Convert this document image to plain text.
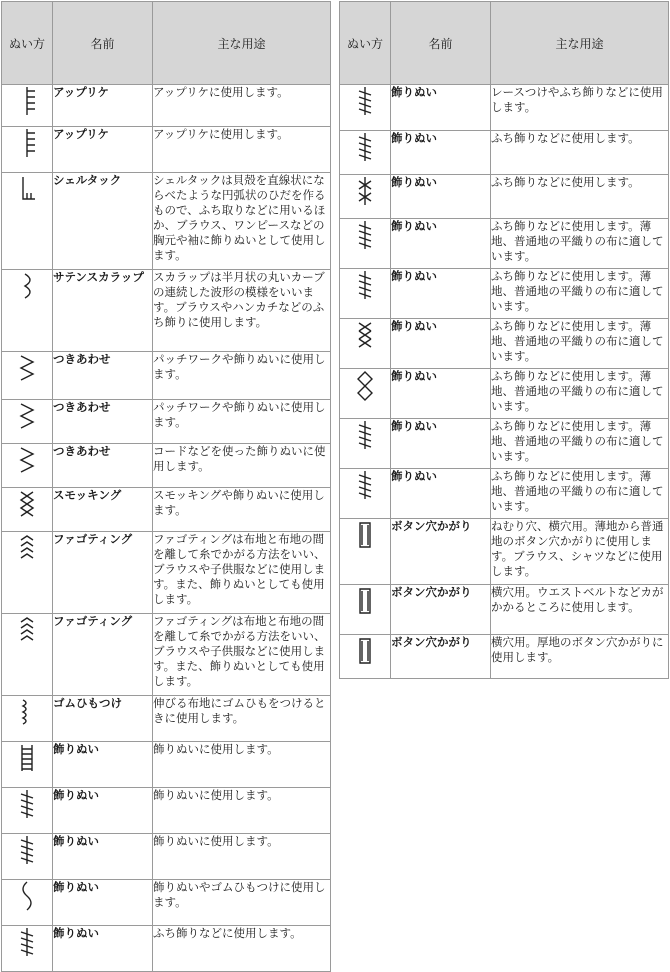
ぬい方	名前	主な用途

	アップリケ	アップリケに使用します。

	アップリケ	アップリケに使用します。

	シェルタック	シェルタックは貝殻を直線状にならべたような円弧状のひだを作るもので、ふち取りなどに用いるほか、ブラウス、ワンピースなどの胸元や袖に飾りぬいとして使用します。

	サテンスカラップ	スカラップは半月状の丸いカーブの連続した波形の模様をいいます。ブラウスやハンカチなどのふち飾りに使用します。

	つきあわせ	パッチワークや飾りぬいに使用します。

	つきあわせ	パッチワークや飾りぬいに使用します。

	つきあわせ	コードなどを使った飾りぬいに使用します。

	スモッキング	スモッキングや飾りぬいに使用します。

	ファゴティング	ファゴティングは布地と布地の間を離して糸でかがる方法をいい、ブラウスや子供服などに使用します。また、飾りぬいとしても使用します。

	ファゴティング	ファゴティングは布地と布地の間を離して糸でかがる方法をいい、ブラウスや子供服などに使用します。また、飾りぬいとしても使用します。

	ゴムひもつけ	伸びる布地にゴムひもをつけるときに使用します。

	飾りぬい	飾りぬいに使用します。

	飾りぬい	飾りぬいに使用します。

	飾りぬい	飾りぬいに使用します。

	飾りぬい	飾りぬいやゴムひもつけに使用します。

	飾りぬい	ふち飾りなどに使用します。
ぬい方	名前	主な用途

	飾りぬい	レースつけやふち飾りなどに使用します。

	飾りぬい	ふち飾りなどに使用します。

	飾りぬい	ふち飾りなどに使用します。

	飾りぬい	ふち飾りなどに使用します。薄地、普通地の平織りの布に適しています。

	飾りぬい	ふち飾りなどに使用します。薄地、普通地の平織りの布に適しています。

	飾りぬい	ふち飾りなどに使用します。薄地、普通地の平織りの布に適しています。

	飾りぬい	ふち飾りなどに使用します。薄地、普通地の平織りの布に適しています。

	飾りぬい	ふち飾りなどに使用します。薄地、普通地の平織りの布に適しています。

	飾りぬい	ふち飾りなどに使用します。薄地、普通地の平織りの布に適しています。

	ボタン穴かがり	ねむり穴、横穴用。薄地から普通地のボタン穴かがりに使用します。ブラウス、シャツなどに使用します。

	ボタン穴かがり	横穴用。ウエストベルトなどカがかかるところに使用します。

	ボタン穴かがり	横穴用。厚地のボタン穴かがりに使用します。
